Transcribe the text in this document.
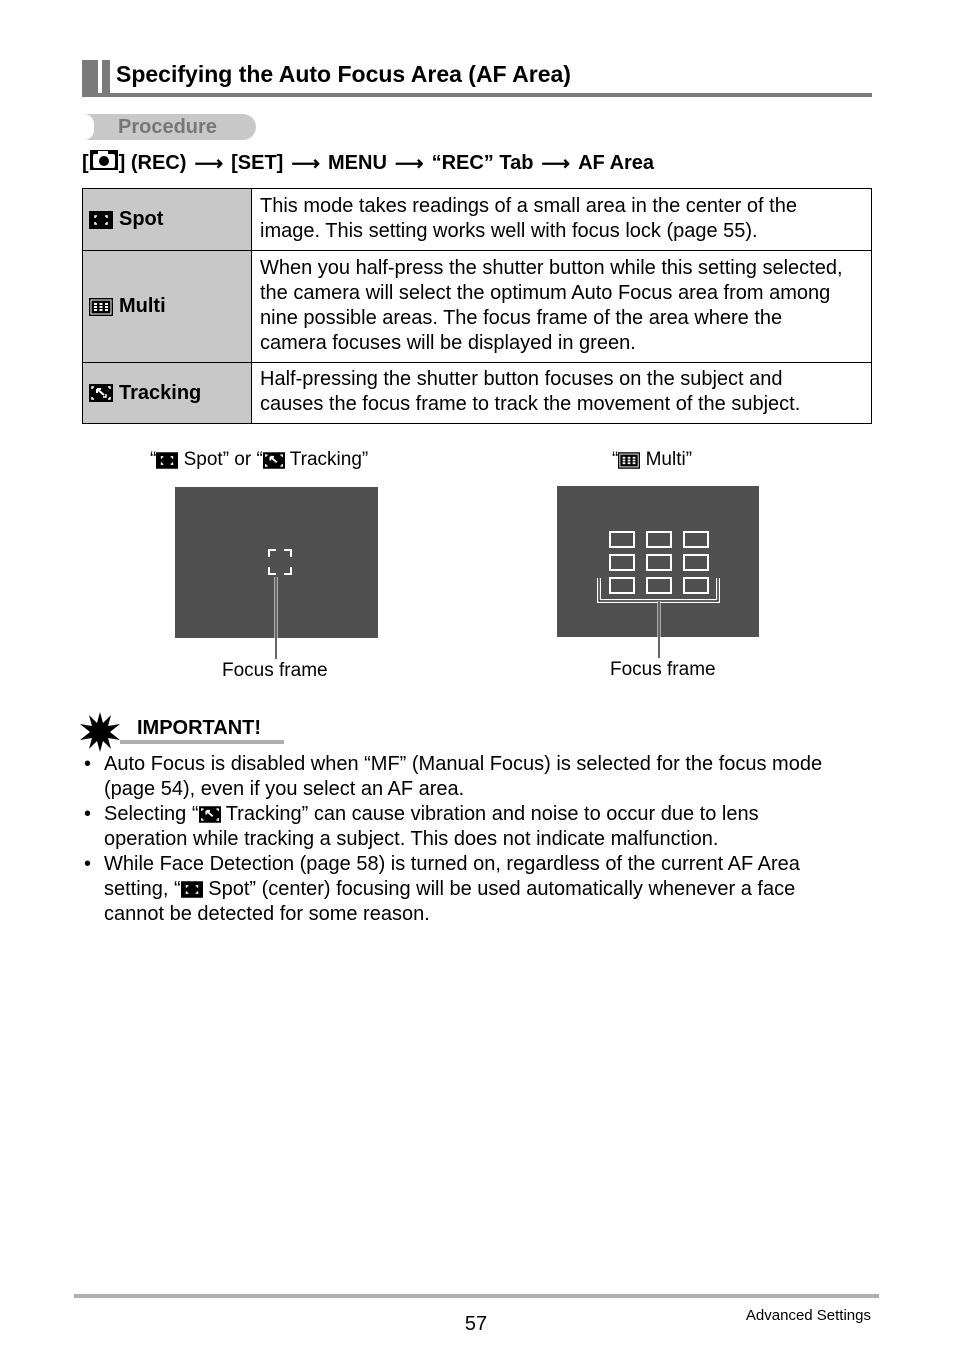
Specifying the Auto Focus Area (AF Area)
Procedure
[ ] (REC) ⟶ [SET] ⟶ MENU ⟶ “REC” Tab ⟶ AF Area
Spot	This mode takes readings of a small area in the center of the
image. This setting works well with focus lock (page 55).

Multi	When you half-press the shutter button while this setting selected,
the camera will select the optimum Auto Focus area from among
nine possible areas. The focus frame of the area where the
camera focuses will be displayed in green.

Tracking	Half-pressing the shutter button focuses on the subject and
causes the focus frame to track the movement of the subject.
“ Spot” or “ Tracking”	“ Multi”
Focus frame	Focus frame
IMPORTANT!
• Auto Focus is disabled when “MF” (Manual Focus) is selected for the focus mode
(page 54), even if you select an AF area.
• Selecting “ Tracking” can cause vibration and noise to occur due to lens
operation while tracking a subject. This does not indicate malfunction.
• While Face Detection (page 58) is turned on, regardless of the current AF Area
setting, “ Spot” (center) focusing will be used automatically whenever a face
cannot be detected for some reason.
57	Advanced Settings
